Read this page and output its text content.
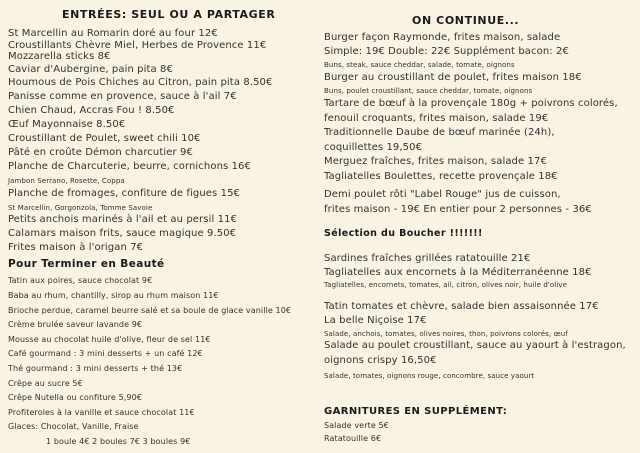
ENTRÉES: SEUL OU A PARTAGER
St Marcellin au Romarin doré au four 12€
Croustillants Chèvre Miel, Herbes de Provence 11€
Mozzarella sticks 8€
Caviar d'Aubergine, pain pita 8€
Houmous de Pois Chiches au Citron, pain pita 8.50€
Panisse comme en provence, sauce à l'ail 7€
Chien Chaud, Accras Fou ! 8.50€
Œuf Mayonnaise 8.50€
Croustillant de Poulet, sweet chili 10€
Pâté en croûte Démon charcutier 9€
Planche de Charcuterie, beurre, cornichons 16€
Jambon Serrano, Rosette, Coppa
Planche de fromages, confiture de figues 15€
St Marcellin, Gorgonzola, Tomme Savoie
Petits anchois marinés à l'ail et au persil 11€
Calamars maison frits, sauce magique 9.50€
Frites maison à l'origan 7€
Pour Terminer en Beauté
Tatin aux poires, sauce chocolat 9€
Baba au rhum, chantilly, sirop au rhum maison 11€
Brioche perdue, caramel beurre salé et sa boule de glace vanille 10€
Crème brulée saveur lavande 9€
Mousse au chocolat huile d'olive, fleur de sel 11€
Café gourmand : 3 mini desserts + un café 12€
Thé gourmand : 3 mini desserts + thé 13€
Crêpe au sucre 5€
Crêpe Nutella ou confiture 5,90€
Profiteroles à la vanille et sauce chocolat 11€
Glaces: Chocolat, Vanille, Fraise
1 boule 4€ 2 boules 7€ 3 boules 9€
ON CONTINUE...
Burger façon Raymonde, frites maison, salade
Simple: 19€ Double: 22€ Supplément bacon: 2€
Buns, steak, sauce cheddar, salade, tomate, oignons
Burger au croustillant de poulet, frites maison 18€
Buns, poulet croustillant, sauce cheddar, tomate, oignons
Tartare de bœuf à la provençale 180g + poivrons colorés,
fenouil croquants, frites maison, salade 19€
Traditionnelle Daube de bœuf marinée (24h),
coquillettes 19,50€
Merguez fraîches, frites maison, salade 17€
Tagliatelles Boulettes, recette provençale 18€
Demi poulet rôti "Label Rouge" jus de cuisson,
frites maison - 19€ En entier pour 2 personnes - 36€
Sélection du Boucher !!!!!!!
Sardines fraîches grillées ratatouille 21€
Tagliatelles aux encornets à la Méditerranéenne 18€
Tagliatelles, encornets, tomates, ail, citron, olives noir, huile d'olive
Tatin tomates et chèvre, salade bien assaisonnée 17€
La belle Niçoise 17€
Salade, anchois, tomates, olives noires, thon, poivrons colorés, œuf
Salade au poulet croustillant, sauce au yaourt à l'estragon,
oignons crispy 16,50€
Salade, tomates, oignons rouge, concombre, sauce yaourt
GARNITURES EN SUPPLÉMENT:
Salade verte 5€
Ratatouille 6€
